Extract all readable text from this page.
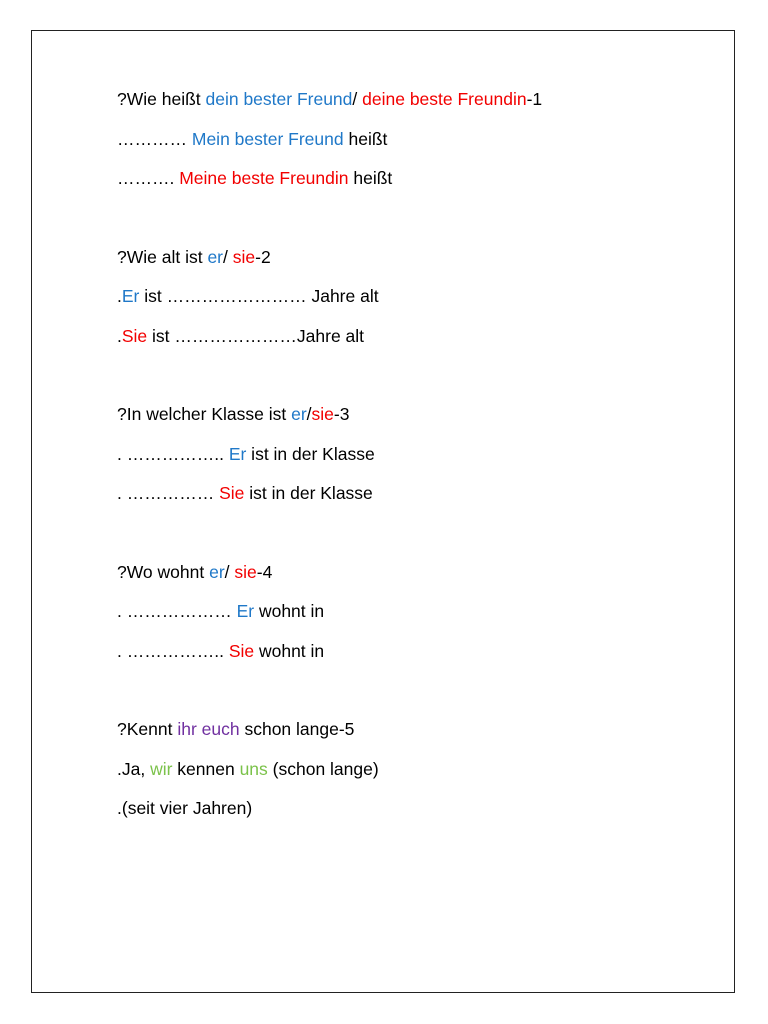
?Wie heißt dein bester Freund/ deine beste Freundin-1
………… Mein bester Freund heißt
………. Meine beste Freundin heißt
?Wie alt ist er/ sie-2
.Er ist …………………… Jahre alt
.Sie ist …………………Jahre alt
?In welcher Klasse ist er/sie-3
. …………….. Er ist in der Klasse
. …………… Sie ist in der Klasse
?Wo wohnt er/ sie-4
. ……………… Er wohnt in
. …………….. Sie wohnt in
?Kennt ihr euch schon lange-5
.Ja, wir kennen uns (schon lange)
.(seit vier Jahren)
